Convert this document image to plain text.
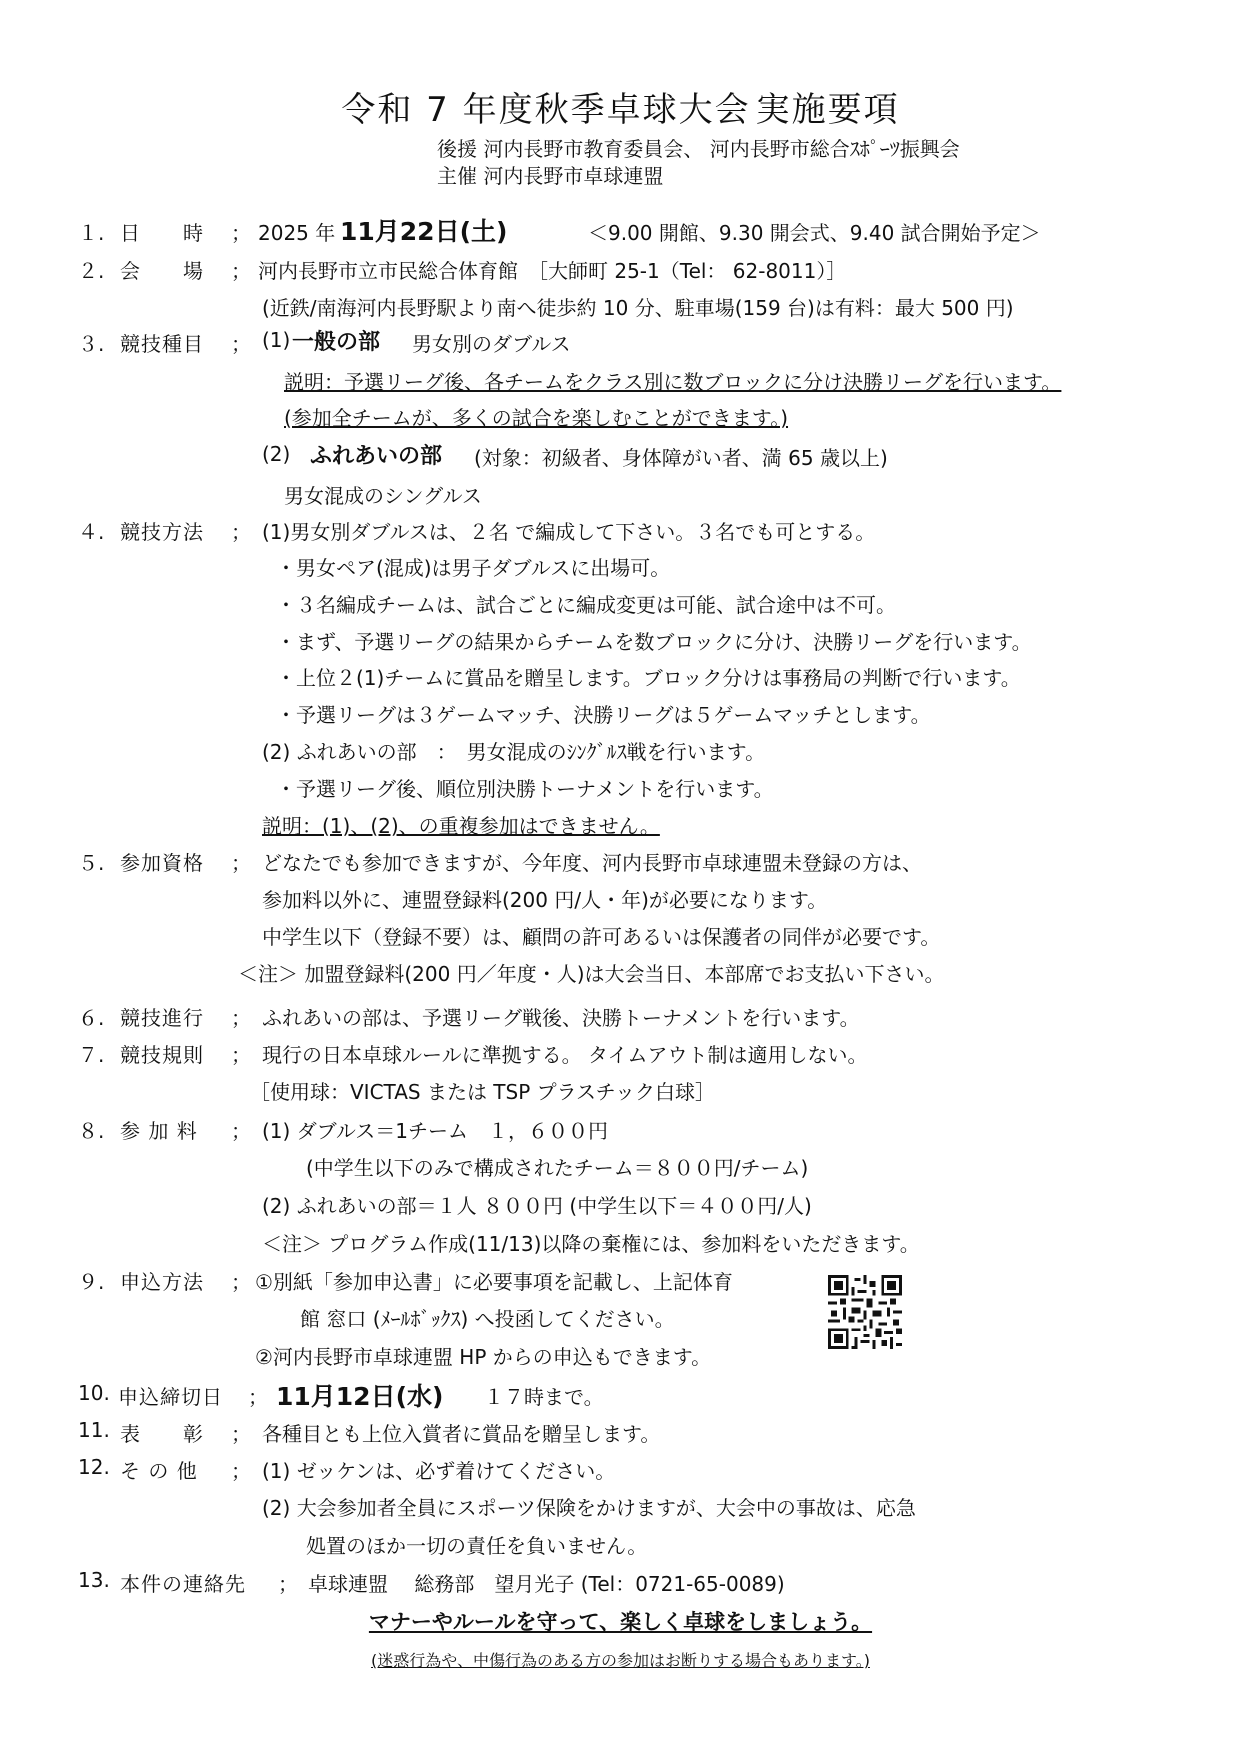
令和 7 年度秋季卓球大会 実施要項
後援 河内長野市教育委員会、 河内長野市総合ｽﾎﾟｰﾂ振興会
主催 河内長野市卓球連盟
１. 日　　時 ； 2025 年 11月22日(土)	＜9.00 開館、9.30 開会式、9.40 試合開始予定＞
２. 会　　場 ； 河内長野市立市民総合体育館　［大師町 25-1（Tel： 62-8011）］
(近鉄/南海河内長野駅より南へ徒歩約 10 分、駐車場(159 台)は有料：最大 500 円)
３. 競技種目 ； (1) 一般の部 男女別のダブルス
説明：予選リーグ後、各チームをクラス別に数ブロックに分け決勝リーグを行います。
(参加全チームが、多くの試合を楽しむことができます。)
(2) ふれあいの部 (対象：初級者、身体障がい者、満 65 歳以上)
男女混成のシングルス
４. 競技方法 ； (1)男女別ダブルスは、２名 で編成して下さい。３名でも可とする。
・男女ペア(混成)は男子ダブルスに出場可。
・３名編成チームは、試合ごとに編成変更は可能、試合途中は不可。
・まず、予選リーグの結果からチームを数ブロックに分け、決勝リーグを行います。
・上位２(1)チームに賞品を贈呈します。ブロック分けは事務局の判断で行います。
・予選リーグは３ゲームマッチ、決勝リーグは５ゲームマッチとします。
(2) ふれあいの部　：　男女混成のｼﾝｸﾞﾙｽ戦を行います。
・予選リーグ後、順位別決勝トーナメントを行います。
説明：(1)、(2)、の重複参加はできません。
５. 参加資格 ； どなたでも参加できますが、今年度、河内長野市卓球連盟未登録の方は、
参加料以外に、連盟登録料(200 円/人・年)が必要になります。
中学生以下（登録不要）は、顧問の許可あるいは保護者の同伴が必要です。
＜注＞ 加盟登録料(200 円／年度・人)は大会当日、本部席でお支払い下さい。
６. 競技進行 ； ふれあいの部は、予選リーグ戦後、決勝トーナメントを行います。
７. 競技規則 ； 現行の日本卓球ルールに準拠する。 タイムアウト制は適用しない。
［使用球：VICTAS または TSP プラスチック白球］
８. 参 加 料 ； (1) ダブルス＝1チーム　１，６００円
(中学生以下のみで構成されたチーム＝８００円/チーム)
(2) ふれあいの部＝１人 ８００円 (中学生以下＝４００円/人)
＜注＞ プログラム作成(11/13)以降の棄権には、参加料をいただきます。
９. 申込方法 ； ①別紙「参加申込書」に必要事項を記載し、上記体育
館 窓口 (ﾒｰﾙﾎﾞｯｸｽ) へ投函してください。
②河内長野市卓球連盟 HP からの申込もできます。
10. 申込締切日 ； 11月12日(水) １７時まで。
11. 表　　彰 ； 各種目とも上位入賞者に賞品を贈呈します。
12. そ の 他 ； (1) ゼッケンは、必ず着けてください。
(2) 大会参加者全員にスポーツ保険をかけますが、大会中の事故は、応急
処置のほか一切の責任を負いません。
13. 本件の連絡先 ； 卓球連盟　 総務部　望月光子 (Tel：0721-65-0089)
マナーやルールを守って、楽しく卓球をしましょう。
(迷惑行為や、中傷行為のある方の参加はお断りする場合もあります。)
